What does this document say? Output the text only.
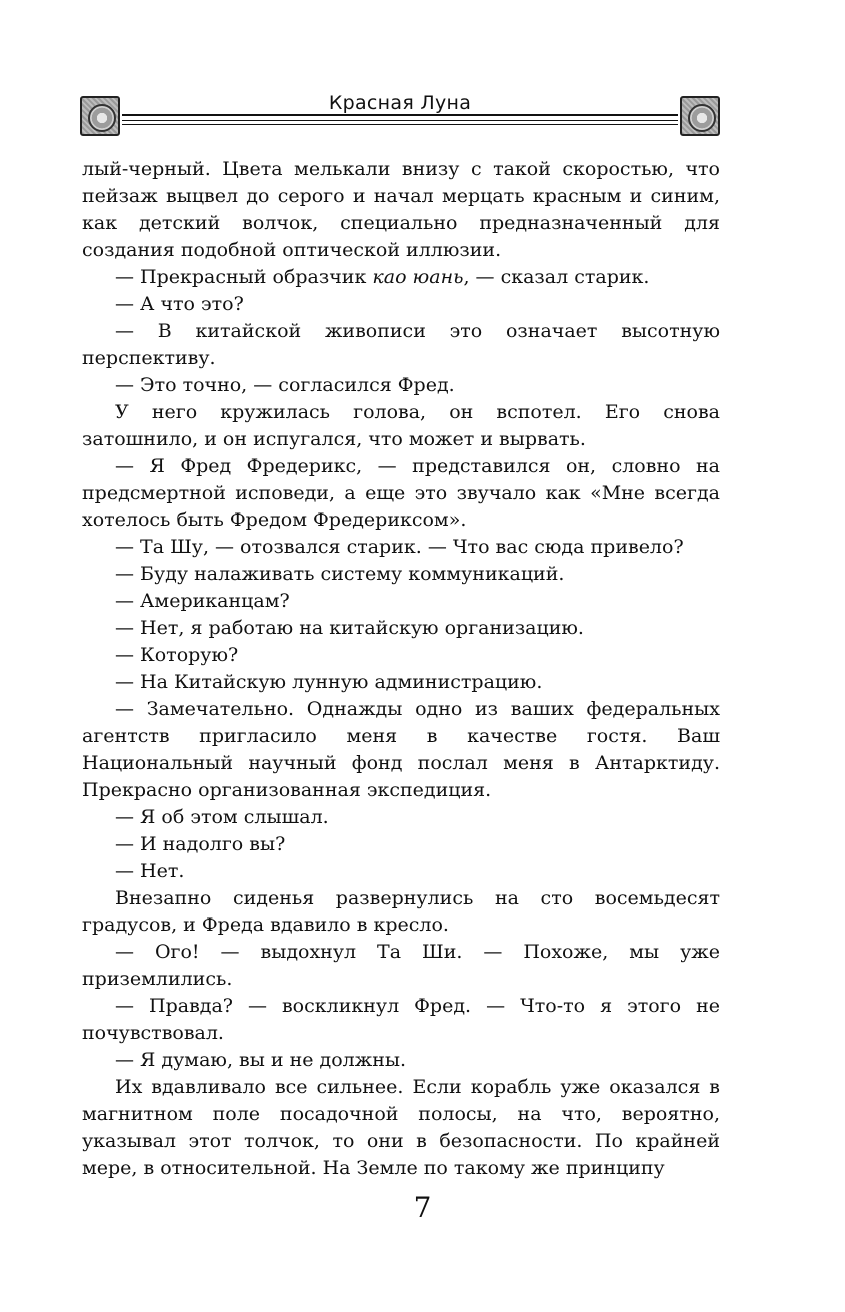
Красная Луна

лый-черный. Цвета мелькали внизу с такой скоростью, что пейзаж выцвел до серого и начал мерцать красным и синим, как детский волчок, специально предназначенный для создания подобной оптической иллюзии.

— Прекрасный образчик као юань, — сказал старик.

— А что это?

— В китайской живописи это означает высотную перспективу.

— Это точно, — согласился Фред.

У него кружилась голова, он вспотел. Его снова затошнило, и он испугался, что может и вырвать.

— Я Фред Фредерикс, — представился он, словно на предсмертной исповеди, а еще это звучало как «Мне всегда хотелось быть Фредом Фредериксом».

— Та Шу, — отозвался старик. — Что вас сюда привело?

— Буду налаживать систему коммуникаций.

— Американцам?

— Нет, я работаю на китайскую организацию.

— Которую?

— На Китайскую лунную администрацию.

— Замечательно. Однажды одно из ваших федеральных агентств пригласило меня в качестве гостя. Ваш Национальный научный фонд послал меня в Антарктиду. Прекрасно организованная экспедиция.

— Я об этом слышал.

— И надолго вы?

— Нет.

Внезапно сиденья развернулись на сто восемьдесят градусов, и Фреда вдавило в кресло.

— Ого! — выдохнул Та Ши. — Похоже, мы уже приземлились.

— Правда? — воскликнул Фред. — Что-то я этого не почувствовал.

— Я думаю, вы и не должны.

Их вдавливало все сильнее. Если корабль уже оказался в магнитном поле посадочной полосы, на что, вероятно, указывал этот толчок, то они в безопасности. По крайней мере, в относительной. На Земле по такому же принципу

7
